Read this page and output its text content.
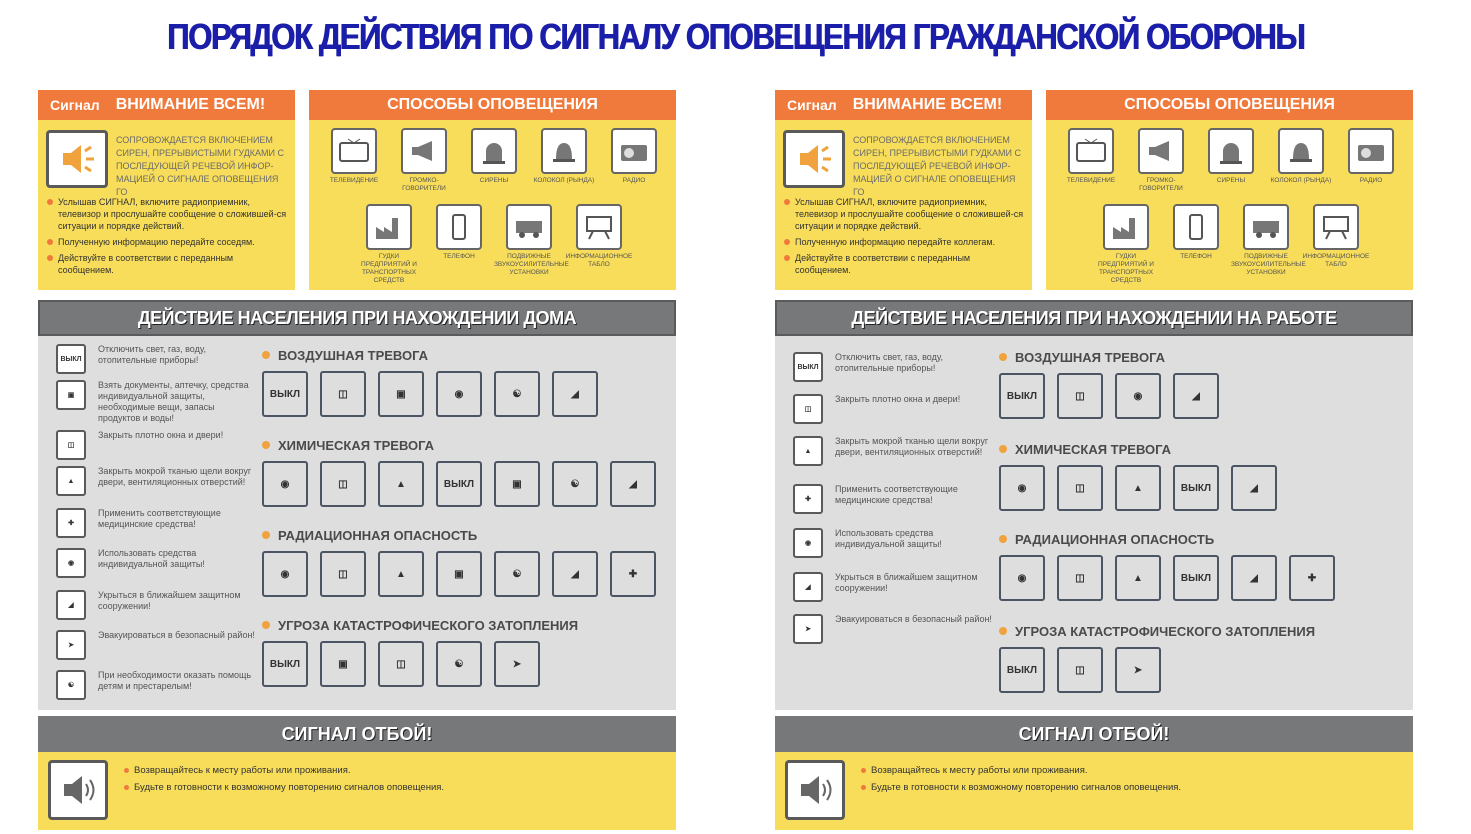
ПОРЯДОК ДЕЙСТВИЯ ПО СИГНАЛУ ОПОВЕЩЕНИЯ ГРАЖДАНСКОЙ ОБОРОНЫ
Сигнал ВНИМАНИЕ ВСЕМ!
СОПРОВОЖДАЕТСЯ ВКЛЮЧЕНИЕМ СИРЕН, ПРЕРЫВИСТЫМИ ГУДКАМИ С ПОСЛЕДУЮЩЕЙ РЕЧЕВОЙ ИНФОР-МАЦИЕЙ О СИГНАЛЕ ОПОВЕЩЕНИЯ ГО
Услышав СИГНАЛ, включите радиоприемник, телевизор и прослушайте сообщение о сложившей-ся ситуации и порядке действий.
Полученную информацию передайте соседям.
Действуйте в соответствии с переданным сообщением.
СПОСОБЫ ОПОВЕЩЕНИЯ
ТЕЛЕВИДЕНИЕ	ГРОМКО-ГОВОРИТЕЛИ
СИРЕНЫ	КОЛОКОЛ (РЫНДА)	РАДИО
ГУДКИ ПРЕДПРИЯТИЙ И ТРАНСПОРТНЫХ СРЕДСТВ
ТЕЛЕФОН	ПОДВИЖНЫЕ ЗВУКОУСИЛИТЕЛЬНЫЕ УСТАНОВКИ
ИНФОРМАЦИОННОЕ ТАБЛО
ДЕЙСТВИЕ НАСЕЛЕНИЯ ПРИ НАХОЖДЕНИИ ДОМА
ВЫКЛ
Отключить свет, газ, воду, отопительные приборы!
▣
Взять документы, аптечку, средства индивидуальной защиты, необходимые вещи, запасы продуктов и воды!
◫
Закрыть плотно окна и двери!
▲
Закрыть мокрой тканью щели вокруг двери, вентиляционных отверстий!
✚
Применить соответствующие медицинские средства!
◉
Использовать средства индивидуальной защиты!
◢
Укрыться в ближайшем защитном сооружении!
➤
Эвакуироваться в безопасный район!
☯
При необходимости оказать помощь детям и престарелым!
ВОЗДУШНАЯ ТРЕВОГА
ВЫКЛ	◫	▣	◉	☯	◢
ХИМИЧЕСКАЯ ТРЕВОГА
◉	◫	▲	ВЫКЛ	▣	☯	◢
РАДИАЦИОННАЯ ОПАСНОСТЬ
◉	◫	▲	▣	☯	◢	✚
УГРОЗА КАТАСТРОФИЧЕСКОГО ЗАТОПЛЕНИЯ
ВЫКЛ	▣	◫	☯	➤
СИГНАЛ ОТБОЙ!
Возвращайтесь к месту работы или проживания.
Будьте в готовности к возможному повторению сигналов оповещения.
Сигнал ВНИМАНИЕ ВСЕМ!
СОПРОВОЖДАЕТСЯ ВКЛЮЧЕНИЕМ СИРЕН, ПРЕРЫВИСТЫМИ ГУДКАМИ С ПОСЛЕДУЮЩЕЙ РЕЧЕВОЙ ИНФОР-МАЦИЕЙ О СИГНАЛЕ ОПОВЕЩЕНИЯ ГО
Услышав СИГНАЛ, включите радиоприемник, телевизор и прослушайте сообщение о сложившей-ся ситуации и порядке действий.
Полученную информацию передайте коллегам.
Действуйте в соответствии с переданным сообщением.
СПОСОБЫ ОПОВЕЩЕНИЯ
ТЕЛЕВИДЕНИЕ	ГРОМКО-ГОВОРИТЕЛИ
СИРЕНЫ	КОЛОКОЛ (РЫНДА)	РАДИО
ГУДКИ ПРЕДПРИЯТИЙ И ТРАНСПОРТНЫХ СРЕДСТВ
ТЕЛЕФОН	ПОДВИЖНЫЕ ЗВУКОУСИЛИТЕЛЬНЫЕ УСТАНОВКИ
ИНФОРМАЦИОННОЕ ТАБЛО
ДЕЙСТВИЕ НАСЕЛЕНИЯ ПРИ НАХОЖДЕНИИ НА РАБОТЕ
ВЫКЛ
Отключить свет, газ, воду, отопительные приборы!
◫
Закрыть плотно окна и двери!
▲
Закрыть мокрой тканью щели вокруг двери, вентиляционных отверстий!
✚
Применить соответствующие медицинские средства!
◉
Использовать средства индивидуальной защиты!
◢
Укрыться в ближайшем защитном сооружении!
➤
Эвакуироваться в безопасный район!
ВОЗДУШНАЯ ТРЕВОГА
ВЫКЛ	◫	◉	◢
ХИМИЧЕСКАЯ ТРЕВОГА
◉	◫	▲	ВЫКЛ	◢
РАДИАЦИОННАЯ ОПАСНОСТЬ
◉	◫	▲	ВЫКЛ	◢	✚
УГРОЗА КАТАСТРОФИЧЕСКОГО ЗАТОПЛЕНИЯ
ВЫКЛ	◫	➤
СИГНАЛ ОТБОЙ!
Возвращайтесь к месту работы или проживания.
Будьте в готовности к возможному повторению сигналов оповещения.
